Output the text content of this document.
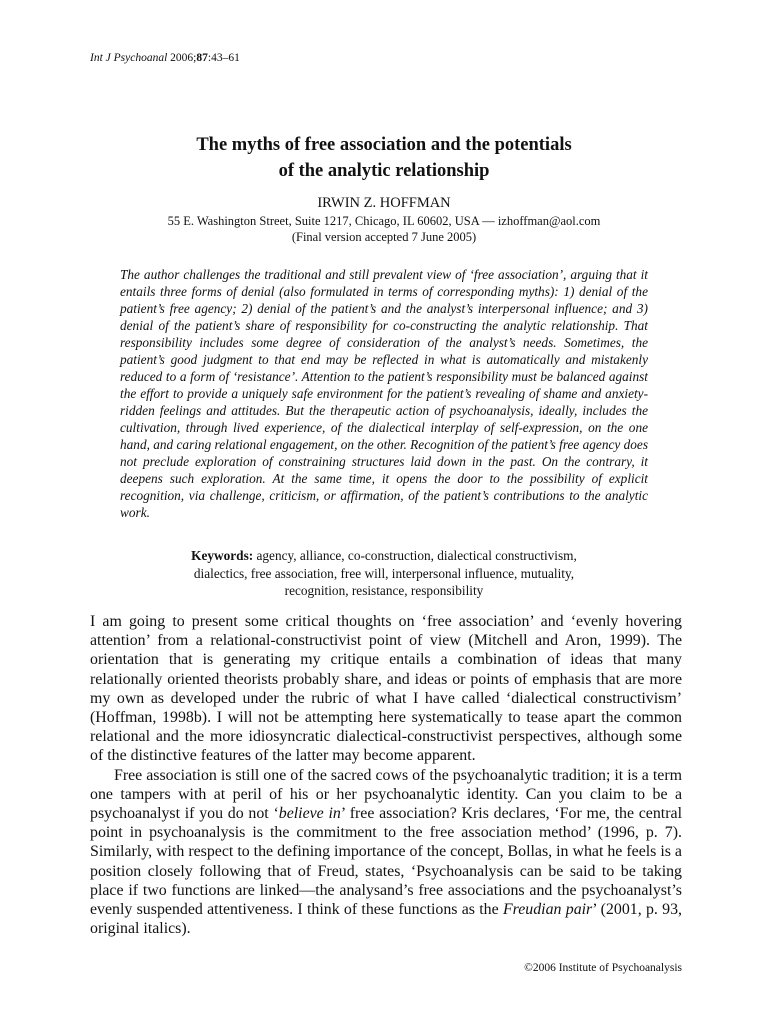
Int J Psychoanal 2006;87:43–61
The myths of free association and the potentials
of the analytic relationship
IRWIN Z. HOFFMAN
55 E. Washington Street, Suite 1217, Chicago, IL 60602, USA — izhoffman@aol.com
(Final version accepted 7 June 2005)

The author challenges the traditional and still prevalent view of ‘free association’, arguing that it entails three forms of denial (also formulated in terms of corresponding myths): 1) denial of the patient’s free agency; 2) denial of the patient’s and the analyst’s interpersonal influence; and 3) denial of the patient’s share of responsibility for co-constructing the analytic relationship. That responsibility includes some degree of consideration of the analyst’s needs. Sometimes, the patient’s good judgment to that end may be reflected in what is automatically and mistakenly reduced to a form of ‘resistance’. Attention to the patient’s responsibility must be balanced against the effort to provide a uniquely safe environment for the patient’s revealing of shame and anxiety-ridden feelings and attitudes. But the therapeutic action of psychoanalysis, ideally, includes the cultivation, through lived experience, of the dialectical interplay of self-expression, on the one hand, and caring relational engagement, on the other. Recognition of the patient’s free agency does not preclude exploration of constraining structures laid down in the past. On the contrary, it deepens such exploration. At the same time, it opens the door to the possibility of explicit recognition, via challenge, criticism, or affirmation, of the patient’s contributions to the analytic work.

Keywords: agency, alliance, co-construction, dialectical constructivism,
dialectics, free association, free will, interpersonal influence, mutuality,
recognition, resistance, responsibility

I am going to present some critical thoughts on ‘free association’ and ‘evenly hovering attention’ from a relational-constructivist point of view (Mitchell and Aron, 1999). The orientation that is generating my critique entails a combination of ideas that many relationally oriented theorists probably share, and ideas or points of emphasis that are more my own as developed under the rubric of what I have called ‘dialectical constructivism’ (Hoffman, 1998b). I will not be attempting here systematically to tease apart the common relational and the more idiosyncratic dialectical-constructivist perspectives, although some of the distinctive features of the latter may become apparent.

Free association is still one of the sacred cows of the psychoanalytic tradition; it is a term one tampers with at peril of his or her psychoanalytic identity. Can you claim to be a psychoanalyst if you do not ‘believe in’ free association? Kris declares, ‘For me, the central point in psychoanalysis is the commitment to the free association method’ (1996, p. 7). Similarly, with respect to the defining importance of the concept, Bollas, in what he feels is a position closely following that of Freud, states, ‘Psychoanalysis can be said to be taking place if two functions are linked—the analysand’s free associations and the psychoanalyst’s evenly suspended attentiveness. I think of these functions as the Freudian pair’ (2001, p. 93, original italics).

©2006 Institute of Psychoanalysis
